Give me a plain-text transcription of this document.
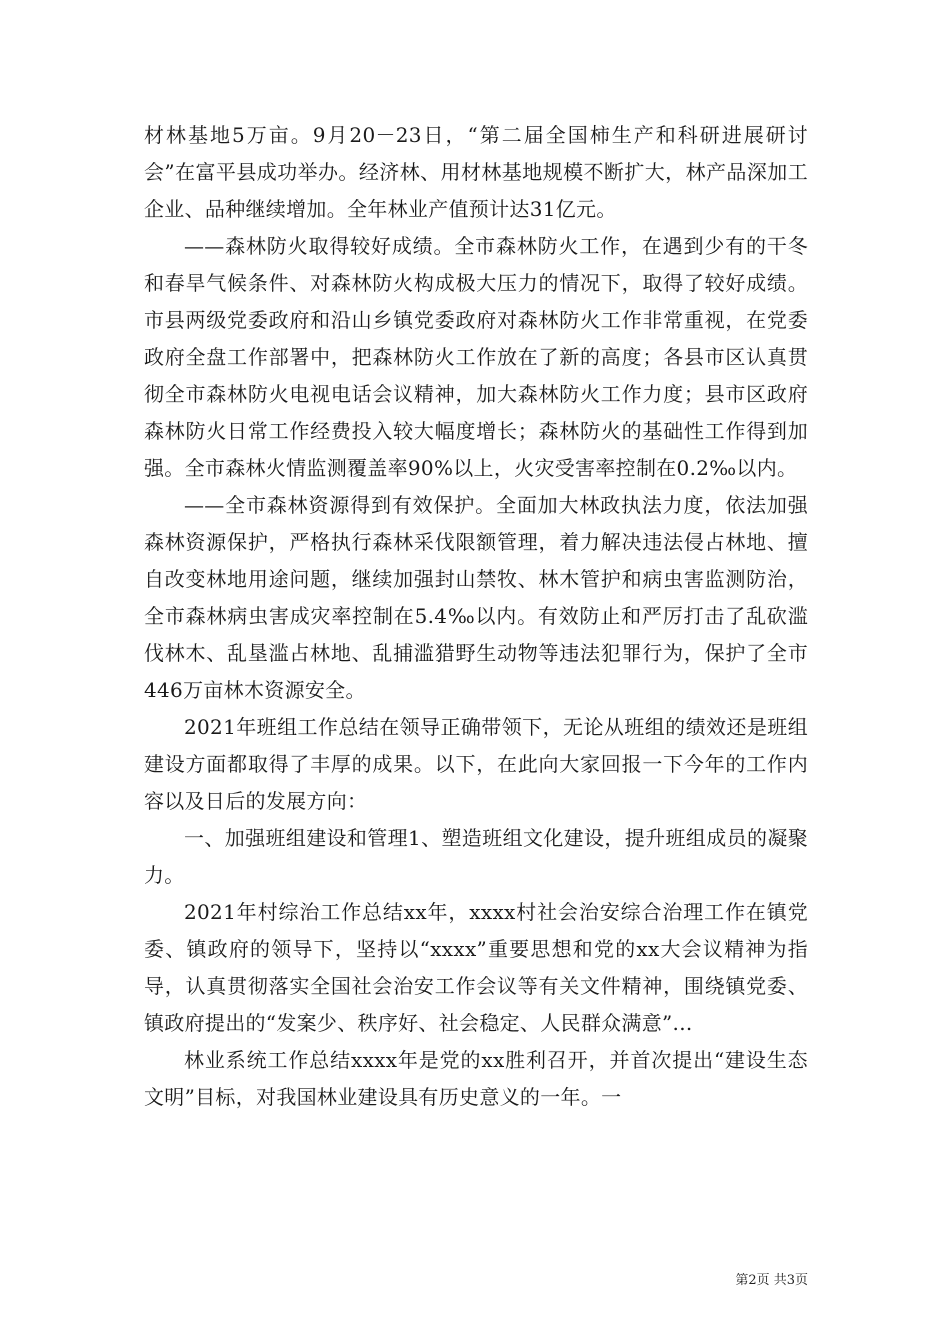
材林基地5万亩。9月20－23日，“第二届全国柿生产和科研进展研讨会”在富平县成功举办。经济林、用材林基地规模不断扩大，林产品深加工企业、品种继续增加。全年林业产值预计达31亿元。

——森林防火取得较好成绩。全市森林防火工作，在遇到少有的干冬和春旱气候条件、对森林防火构成极大压力的情况下，取得了较好成绩。市县两级党委政府和沿山乡镇党委政府对森林防火工作非常重视，在党委政府全盘工作部署中，把森林防火工作放在了新的高度；各县市区认真贯彻全市森林防火电视电话会议精神，加大森林防火工作力度；县市区政府森林防火日常工作经费投入较大幅度增长；森林防火的基础性工作得到加强。全市森林火情监测覆盖率90%以上，火灾受害率控制在0.2‰以内。

——全市森林资源得到有效保护。全面加大林政执法力度，依法加强森林资源保护，严格执行森林采伐限额管理，着力解决违法侵占林地、擅自改变林地用途问题，继续加强封山禁牧、林木管护和病虫害监测防治，全市森林病虫害成灾率控制在5.4‰以内。有效防止和严厉打击了乱砍滥伐林木、乱垦滥占林地、乱捕滥猎野生动物等违法犯罪行为，保护了全市446万亩林木资源安全。

2021年班组工作总结在领导正确带领下，无论从班组的绩效还是班组建设方面都取得了丰厚的成果。以下，在此向大家回报一下今年的工作内容以及日后的发展方向：

一、加强班组建设和管理1、塑造班组文化建设，提升班组成员的凝聚力。

2021年村综治工作总结xx年，xxxx村社会治安综合治理工作在镇党委、镇政府的领导下，坚持以“xxxx”重要思想和党的xx大会议精神为指导，认真贯彻落实全国社会治安工作会议等有关文件精神，围绕镇党委、镇政府提出的“发案少、秩序好、社会稳定、人民群众满意”...

林业系统工作总结xxxx年是党的xx胜利召开，并首次提出“建设生态文明”目标，对我国林业建设具有历史意义的一年。一

第2页 共3页
